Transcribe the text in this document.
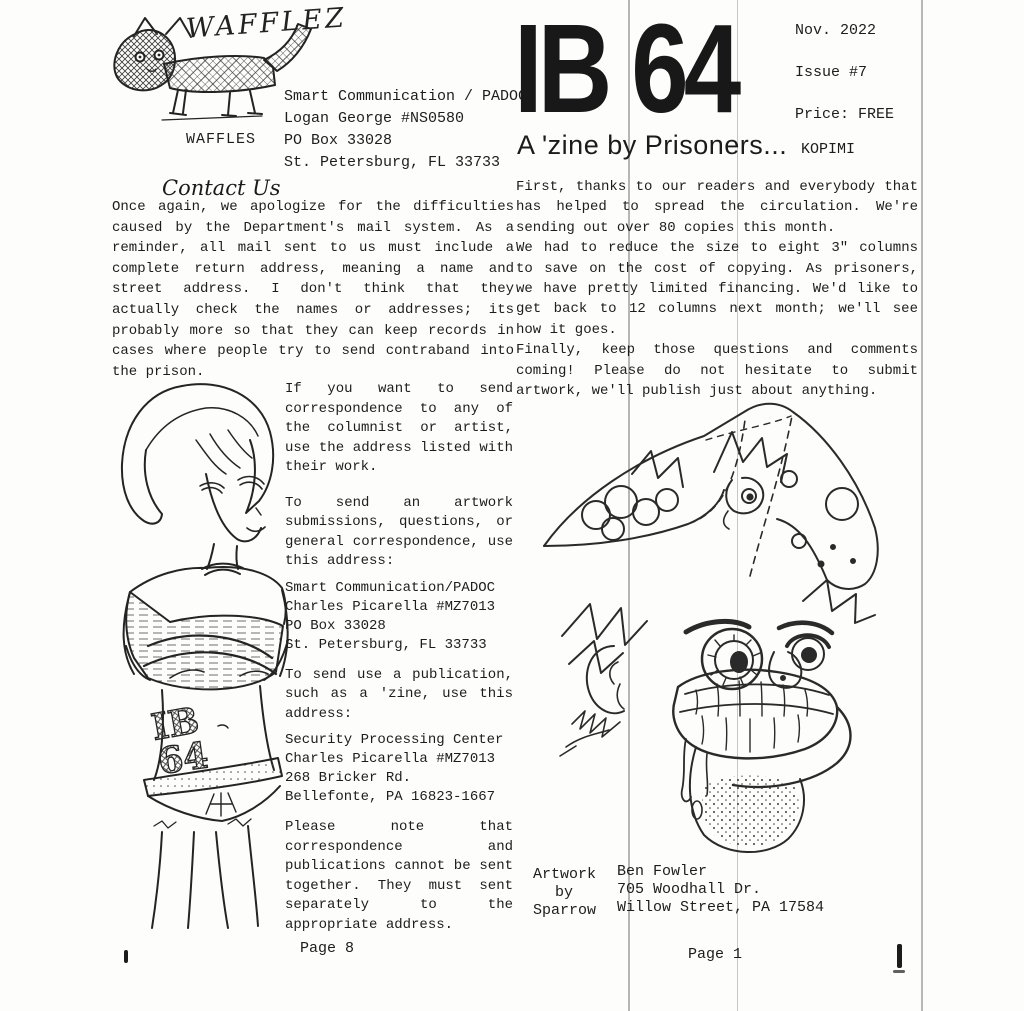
WAFFLEZ
WAFFLES
Smart Communication / PADOC
Logan George #NS0580
PO Box 33028
St. Petersburg, FL 33733
Contact Us
Once again, we apologize for the difficulties caused by the Department's mail system. As a reminder, all mail sent to us must include a complete return address, meaning a name and street address. I don't think that they actually check the names or addresses; its probably more so that they can keep records in cases where people try to send contraband into the prison.
IB
64

If you want to send correspondence to any of the columnist or artist, use the address listed with their work.

To send an artwork submissions, questions, or general correspondence, use this address:

Smart Communication/PADOC
Charles Picarella #MZ7013
PO Box 33028
St. Petersburg, FL 33733

To send use a publication, such as a 'zine, use this address:

Security Processing Center
Charles Picarella #MZ7013
268 Bricker Rd.
Bellefonte, PA 16823-1667

Please note that correspondence and publications cannot be sent together. They must sent separately to the appropriate address.

Page 8
IB 64	Nov. 2022
Issue #7
Price: FREE
A 'zine by Prisoners... KOPIMI

First, thanks to our readers and everybody that has helped to spread the circulation. We're sending out over 80 copies this month.

We had to reduce the size to eight 3" columns to save on the cost of copying. As prisoners, we have pretty limited financing. We'd like to get back to 12 columns next month; we'll see how it goes.

Finally, keep those questions and comments coming! Please do not hesitate to submit artwork, we'll publish just about anything.

Artwork
by
Sparrow
Ben Fowler
705 Woodhall Dr.
Willow Street, PA 17584
Page 1
